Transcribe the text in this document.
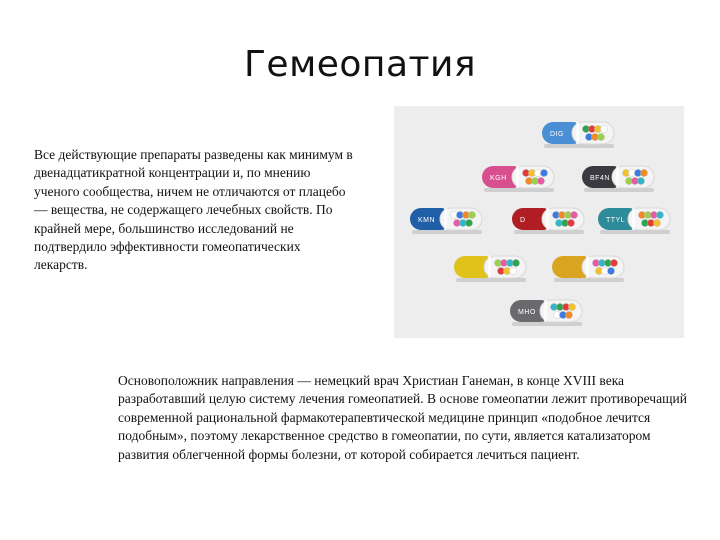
Гемеопатия
Все действующие препараты разведены как минимум в двенадцатикратной концентрации и, по мнению ученого сообщества, ничем не отличаются от плацебо — вещества, не содержащего лечебных свойств. По крайней мере, большинство исследований не подтвердило эффективности гомеопатических лекарств.
DIG
KGH	BF4N
KMN	D	TTYL
MHO
Основоположник направления — немецкий врач Христиан Ганеман, в конце XVIII века разработавший целую систему лечения гомеопатией. В основе гомеопатии лежит противоречащий современной рациональной фармакотерапевтической медицине принцип «подобное лечится подобным», поэтому лекарственное средство в гомеопатии, по сути, является катализатором развития облегченной формы болезни, от которой собирается лечиться пациент.
